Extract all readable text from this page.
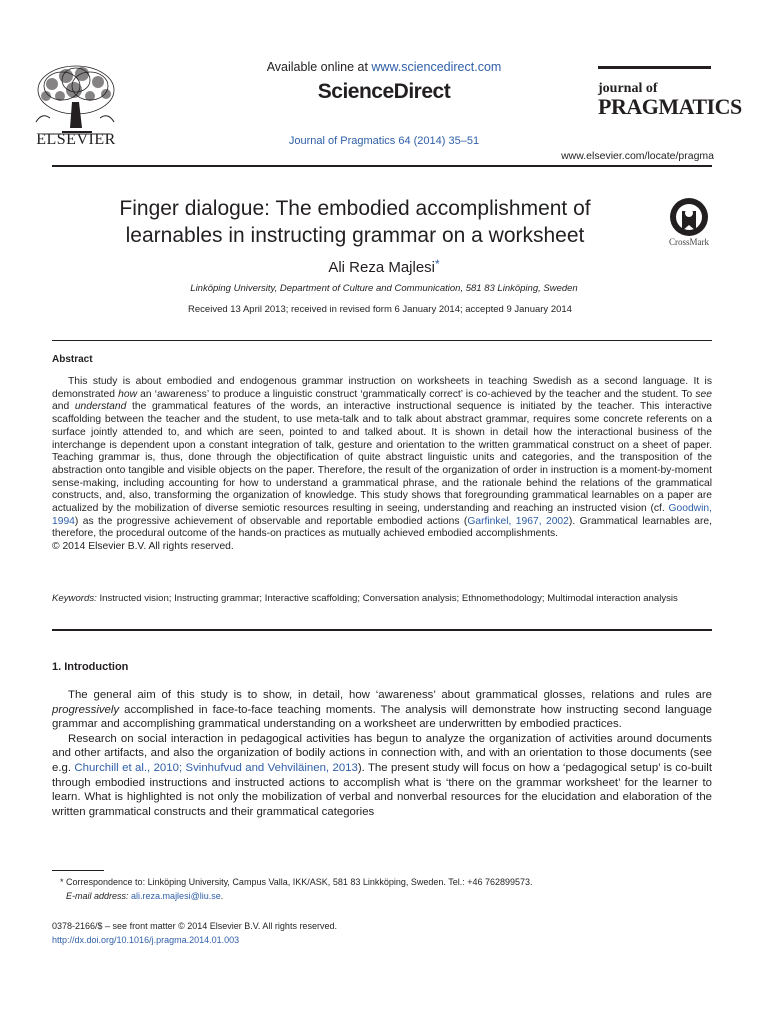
ELSEVIER
Available online at www.sciencedirect.com
ScienceDirect
Journal of Pragmatics 64 (2014) 35–51
journal of
PRAGMATICS
www.elsevier.com/locate/pragma
Finger dialogue: The embodied accomplishment of
learnables in instructing grammar on a worksheet	CrossMark
Ali Reza Majlesi*
Linköping University, Department of Culture and Communication, 581 83 Linköping, Sweden
Received 13 April 2013; received in revised form 6 January 2014; accepted 9 January 2014
Abstract

This study is about embodied and endogenous grammar instruction on worksheets in teaching Swedish as a second language. It is demonstrated how an ‘awareness’ to produce a linguistic construct ‘grammatically correct’ is co-achieved by the teacher and the student. To see and understand the grammatical features of the words, an interactive instructional sequence is initiated by the teacher. This interactive scaffolding between the teacher and the student, to use meta-talk and to talk about abstract grammar, requires some concrete referents on a surface jointly attended to, and which are seen, pointed to and talked about. It is shown in detail how the interactional business of the interchange is dependent upon a constant integration of talk, gesture and orientation to the written grammatical construct on a sheet of paper. Teaching grammar is, thus, done through the objectification of quite abstract linguistic units and categories, and the transposition of the abstraction onto tangible and visible objects on the paper. Therefore, the result of the organization of order in instruction is a moment-by-moment sense-making, including accounting for how to understand a grammatical phrase, and the rationale behind the relations of the grammatical constructs, and, also, transforming the organization of knowledge. This study shows that foregrounding grammatical learnables on a paper are actualized by the mobilization of diverse semiotic resources resulting in seeing, understanding and reaching an instructed vision (cf. Goodwin, 1994) as the progressive achievement of observable and reportable embodied actions (Garfinkel, 1967, 2002). Grammatical learnables are, therefore, the procedural outcome of the hands-on practices as mutually achieved embodied accomplishments.

© 2014 Elsevier B.V. All rights reserved.

Keywords: Instructed vision; Instructing grammar; Interactive scaffolding; Conversation analysis; Ethnomethodology; Multimodal interaction analysis
1. Introduction

The general aim of this study is to show, in detail, how ‘awareness’ about grammatical glosses, relations and rules are progressively accomplished in face-to-face teaching moments. The analysis will demonstrate how instructing second language grammar and accomplishing grammatical understanding on a worksheet are underwritten by embodied practices.

Research on social interaction in pedagogical activities has begun to analyze the organization of activities around documents and other artifacts, and also the organization of bodily actions in connection with, and with an orientation to those documents (see e.g. Churchill et al., 2010; Svinhufvud and Vehviläinen, 2013). The present study will focus on how a ‘pedagogical setup’ is co-built through embodied instructions and instructed actions to accomplish what is ‘there on the grammar worksheet’ for the learner to learn. What is highlighted is not only the mobilization of verbal and nonverbal resources for the elucidation and elaboration of the written grammatical constructs and their grammatical categories

* Correspondence to: Linköping University, Campus Valla, IKK/ASK, 581 83 Linkköping, Sweden. Tel.: +46 762899573.
E-mail address: ali.reza.majlesi@liu.se.
0378-2166/$ – see front matter © 2014 Elsevier B.V. All rights reserved.
http://dx.doi.org/10.1016/j.pragma.2014.01.003
